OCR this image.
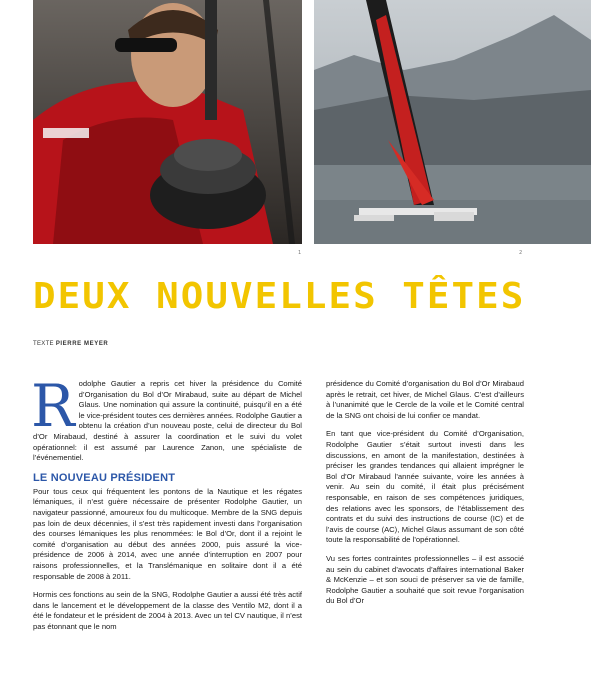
1	2
DEUX NOUVELLES TÊTES
TEXTE PIERRE MEYER

R odolphe Gautier a repris cet hiver la présidence du Comité d’Organisation du Bol d’Or Mirabaud, suite au départ de Michel Glaus. Une nomination qui assure la continuité, puisqu’il en a été le vice-président toutes ces dernières années. Rodolphe Gautier a obtenu la création d’un nouveau poste, celui de directeur du Bol d’Or Mirabaud, destiné à assurer la coordination et le suivi du volet opérationnel: il est assumé par Laurence Zanon, une spécialiste de l’événementiel.

LE NOUVEAU PRÉSIDENT

Pour tous ceux qui fréquentent les pontons de la Nautique et les régates lémaniques, il n’est guère nécessaire de présenter Rodolphe Gautier, un navigateur passionné, amoureux fou du multicoque. Membre de la SNG depuis pas loin de deux décennies, il s’est très rapidement investi dans l’organisation des courses lémaniques les plus renommées: le Bol d’Or, dont il a rejoint le comité d’organisation au début des années 2000, puis assuré la vice-présidence de 2006 à 2014, avec une année d’interruption en 2007 pour raisons professionnelles, et la Translémanique en solitaire dont il a été responsable de 2008 à 2011.

Hormis ces fonctions au sein de la SNG, Rodolphe Gautier a aussi été très actif dans le lancement et le développement de la classe des Ventilo M2, dont il a été le fondateur et le président de 2004 à 2013. Avec un tel CV nautique, il n’est pas étonnant que le nom

présidence du Comité d’organisation du Bol d’Or Mirabaud après le retrait, cet hiver, de Michel Glaus. C’est d’ailleurs à l’unanimité que le Cercle de la voile et le Comité central de la SNG ont choisi de lui confier ce mandat.

En tant que vice-président du Comité d’Organisation, Rodolphe Gautier s’était surtout investi dans les discussions, en amont de la manifestation, destinées à préciser les grandes tendances qui allaient imprégner le Bol d’Or Mirabaud l’année suivante, voire les années à venir. Au sein du comité, il était plus précisément responsable, en raison de ses compétences juridiques, des relations avec les sponsors, de l’établissement des contrats et du suivi des instructions de course (IC) et de l’avis de course (AC), Michel Glaus assumant de son côté toute la responsabilité de l’opérationnel.

Vu ses fortes contraintes professionnelles – il est associé au sein du cabinet d’avocats d’affaires international Baker & McKenzie – et son souci de préserver sa vie de famille, Rodolphe Gautier a souhaité que soit revue l’organisation du Bol d’Or
